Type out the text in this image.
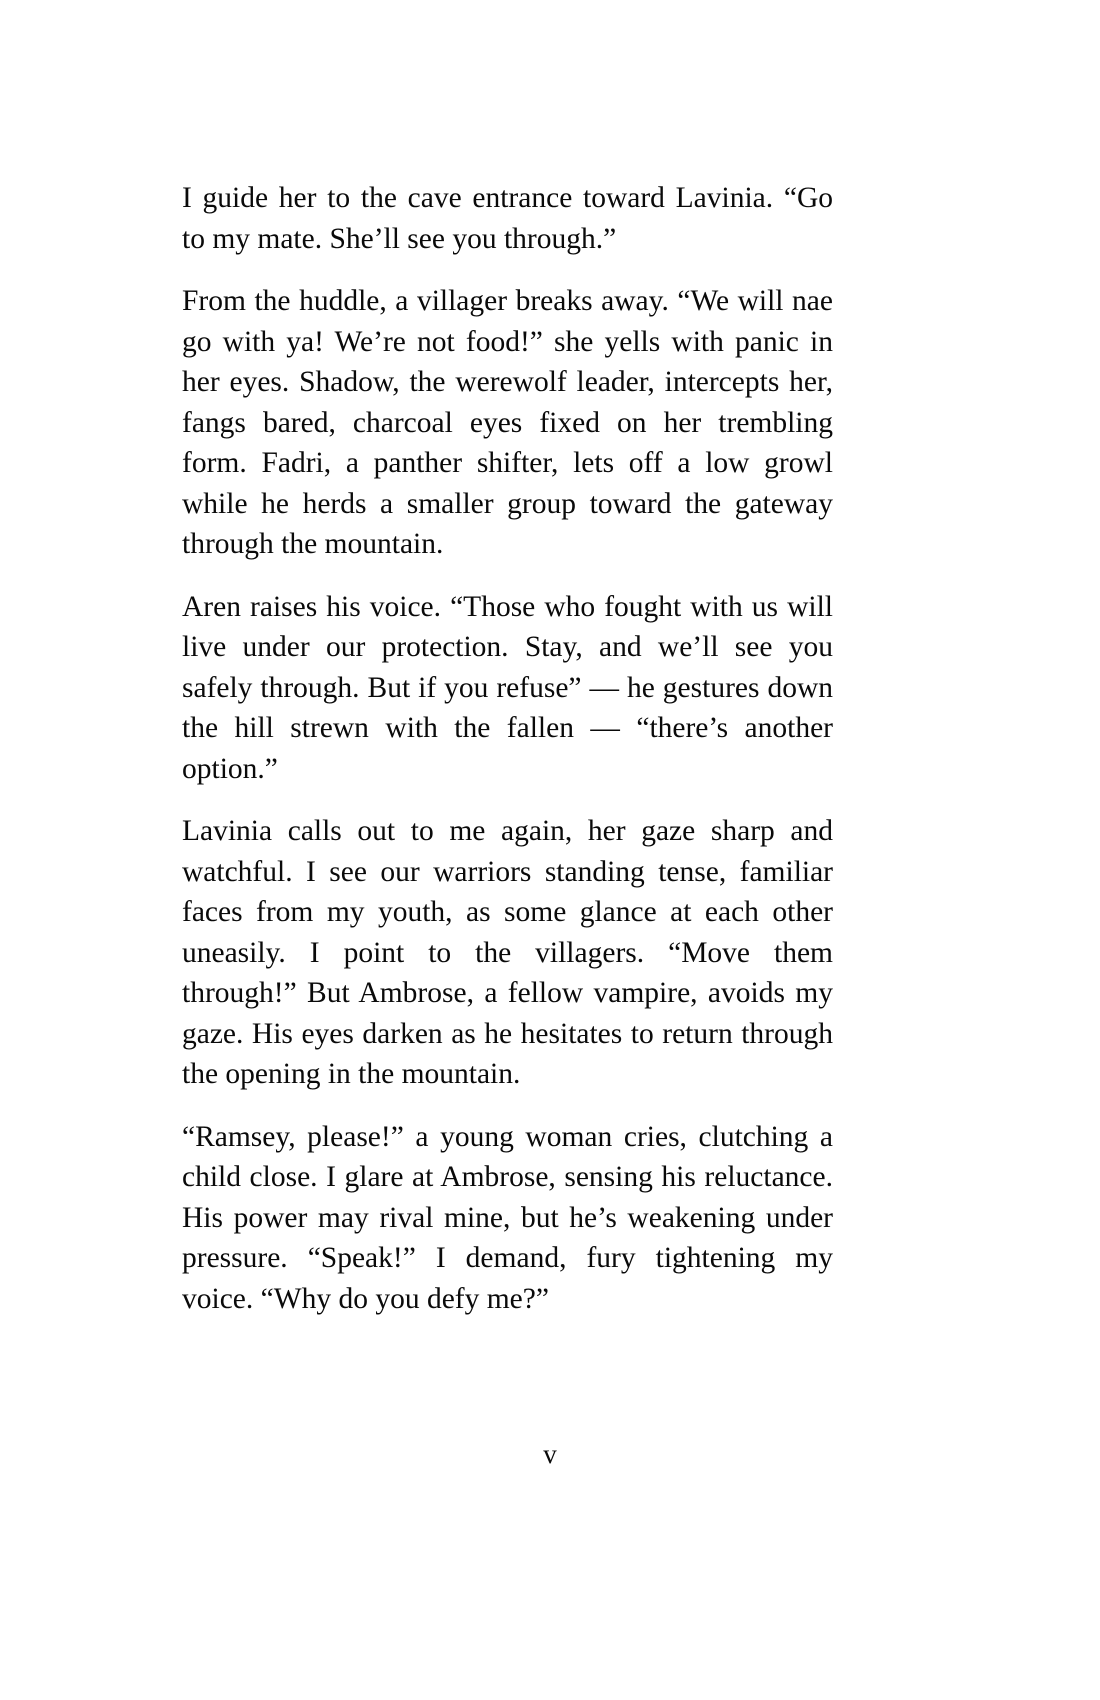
I guide her to the cave entrance toward Lavinia. “Go to my mate. She’ll see you through.”

From the huddle, a villager breaks away. “We will nae go with ya! We’re not food!” she yells with panic in her eyes. Shadow, the werewolf leader, intercepts her, fangs bared, charcoal eyes fixed on her trembling form. Fadri, a panther shifter, lets off a low growl while he herds a smaller group toward the gateway through the mountain.

Aren raises his voice. “Those who fought with us will live under our protection. Stay, and we’ll see you safely through. But if you refuse” — he gestures down the hill strewn with the fallen — “there’s another option.”

Lavinia calls out to me again, her gaze sharp and watchful. I see our warriors standing tense, familiar faces from my youth, as some glance at each other uneasily. I point to the villagers. “Move them through!” But Ambrose, a fellow vampire, avoids my gaze. His eyes darken as he hesitates to return through the opening in the mountain.

“Ramsey, please!” a young woman cries, clutching a child close. I glare at Ambrose, sensing his reluctance. His power may rival mine, but he’s weakening under pressure. “Speak!” I demand, fury tightening my voice. “Why do you defy me?”

v
